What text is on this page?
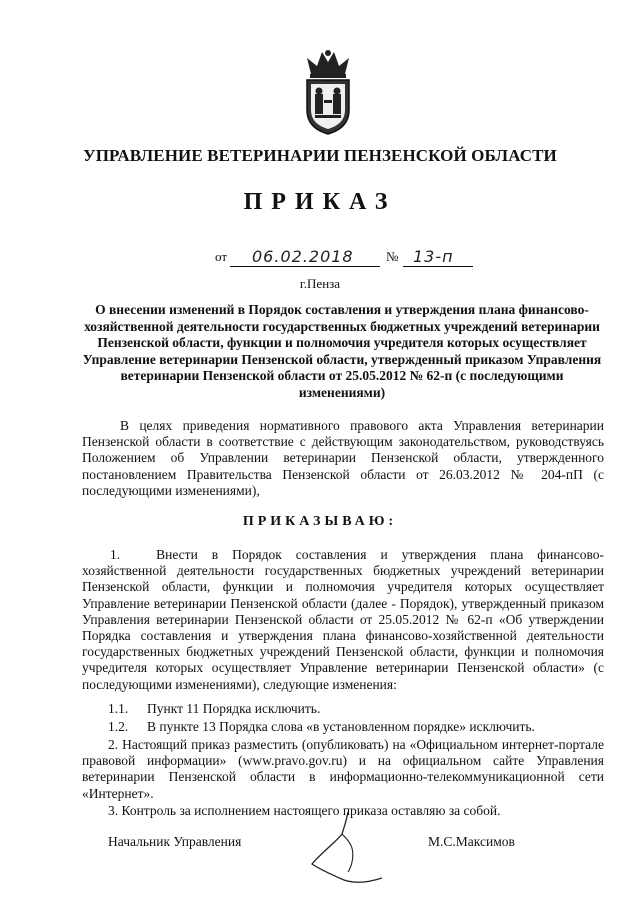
УПРАВЛЕНИЕ ВЕТЕРИНАРИИ ПЕНЗЕНСКОЙ ОБЛАСТИ
ПРИКАЗ
от 06.02.2018 № 13-п
г.Пенза
О внесении изменений в Порядок составления и утверждения плана финансово-хозяйственной деятельности государственных бюджетных учреждений ветеринарии Пензенской области, функции и полномочия учредителя которых осуществляет Управление ветеринарии Пензенской области, утвержденный приказом Управления ветеринарии Пензенской области от 25.05.2012 № 62-п (с последующими изменениями)
В целях приведения нормативного правового акта Управления ветеринарии Пензенской области в соответствие с действующим законодательством, руководствуясь Положением об Управлении ветеринарии Пензенской области, утвержденного постановлением Правительства Пензенской области от 26.03.2012 № 204-пП (с последующими изменениями),
ПРИКАЗЫВАЮ:
1.	Внести в Порядок составления и утверждения плана финансово-хозяйственной деятельности государственных бюджетных учреждений ветеринарии Пензенской области, функции и полномочия учредителя которых осуществляет Управление ветеринарии Пензенской области (далее - Порядок), утвержденный приказом Управления ветеринарии Пензенской области от 25.05.2012 № 62-п «Об утверждении Порядка составления и утверждения плана финансово-хозяйственной деятельности государственных бюджетных учреждений Пензенской области, функции и полномочия учредителя которых осуществляет Управление ветеринарии Пензенской области» (с последующими изменениями), следующие изменения:
1.1. Пункт 11 Порядка исключить.
1.2. В пункте 13 Порядка слова «в установленном порядке» исключить.
2. Настоящий приказ разместить (опубликовать) на «Официальном интернет-портале правовой информации» (www.pravo.gov.ru) и на официальном сайте Управления ветеринарии Пензенской области в информационно-телекоммуникационной сети «Интернет».
3. Контроль за исполнением настоящего приказа оставляю за собой.
Начальник Управления	М.С.Максимов
